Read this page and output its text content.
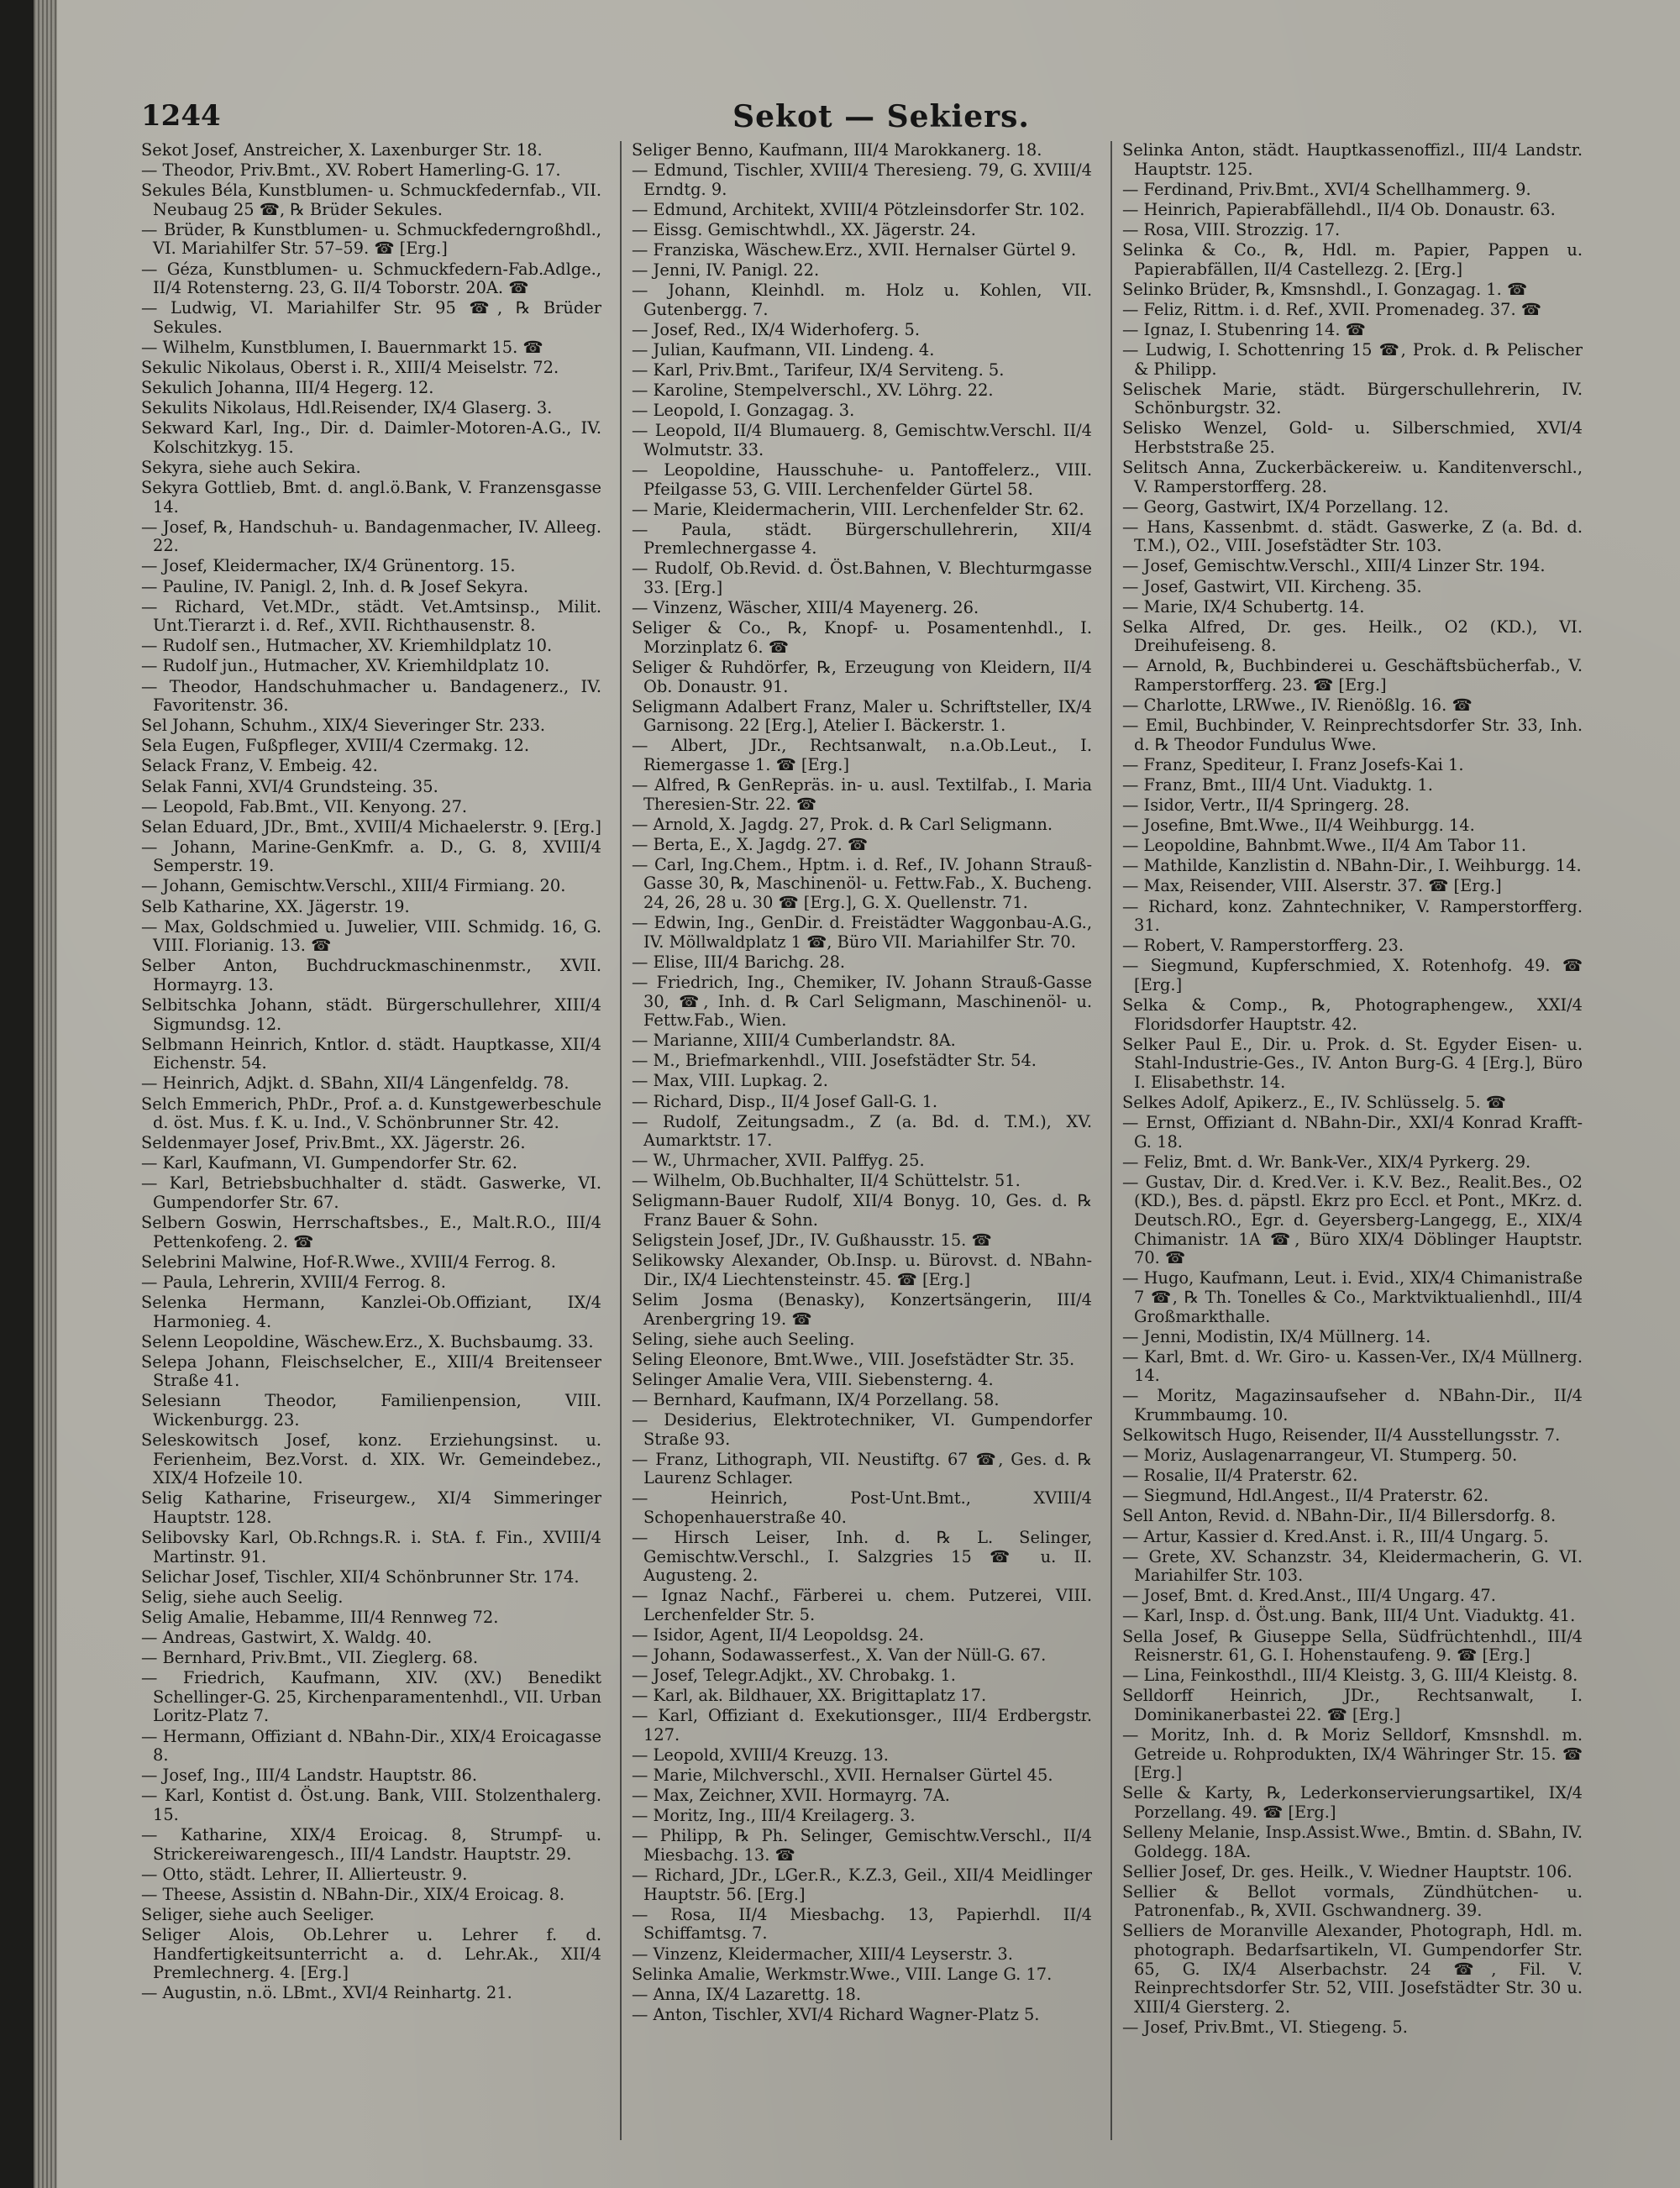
1244	Sekot — Sekiers.

Sekot Josef, Anstreicher, X. Laxenburger Str. 18.

— Theodor, Priv.Bmt., XV. Robert Hamerling-G. 17.

Sekules Béla, Kunstblumen- u. Schmuckfedernfab., VII. Neubaug 25 ☎, ℞ Brüder Sekules.

— Brüder, ℞ Kunstblumen- u. Schmuckfederngroßhdl., VI. Mariahilfer Str. 57–59. ☎ [Erg.]

— Géza, Kunstblumen- u. Schmuckfedern-Fab.Adlge., II/4 Rotensterng. 23, G. II/4 Toborstr. 20A. ☎

— Ludwig, VI. Mariahilfer Str. 95 ☎, ℞ Brüder Sekules.

— Wilhelm, Kunstblumen, I. Bauernmarkt 15. ☎

Sekulic Nikolaus, Oberst i. R., XIII/4 Meiselstr. 72.

Sekulich Johanna, III/4 Hegerg. 12.

Sekulits Nikolaus, Hdl.Reisender, IX/4 Glaserg. 3.

Sekward Karl, Ing., Dir. d. Daimler-Motoren-A.G., IV. Kolschitzkyg. 15.

Sekyra, siehe auch Sekira.

Sekyra Gottlieb, Bmt. d. angl.ö.Bank, V. Franzensgasse 14.

— Josef, ℞, Handschuh- u. Bandagenmacher, IV. Alleeg. 22.

— Josef, Kleidermacher, IX/4 Grünentorg. 15.

— Pauline, IV. Panigl. 2, Inh. d. ℞ Josef Sekyra.

— Richard, Vet.MDr., städt. Vet.Amtsinsp., Milit. Unt.Tierarzt i. d. Ref., XVII. Richthausenstr. 8.

— Rudolf sen., Hutmacher, XV. Kriemhildplatz 10.

— Rudolf jun., Hutmacher, XV. Kriemhildplatz 10.

— Theodor, Handschuhmacher u. Bandagenerz., IV. Favoritenstr. 36.

Sel Johann, Schuhm., XIX/4 Sieveringer Str. 233.

Sela Eugen, Fußpfleger, XVIII/4 Czermakg. 12.

Selack Franz, V. Embeig. 42.

Selak Fanni, XVI/4 Grundsteing. 35.

— Leopold, Fab.Bmt., VII. Kenyong. 27.

Selan Eduard, JDr., Bmt., XVIII/4 Michaelerstr. 9. [Erg.]

— Johann, Marine-GenKmfr. a. D., G. 8, XVIII/4 Semperstr. 19.

— Johann, Gemischtw.Verschl., XIII/4 Firmiang. 20.

Selb Katharine, XX. Jägerstr. 19.

— Max, Goldschmied u. Juwelier, VIII. Schmidg. 16, G. VIII. Florianig. 13. ☎

Selber Anton, Buchdruckmaschinenmstr., XVII. Hormayrg. 13.

Selbitschka Johann, städt. Bürgerschullehrer, XIII/4 Sigmundsg. 12.

Selbmann Heinrich, Kntlor. d. städt. Hauptkasse, XII/4 Eichenstr. 54.

— Heinrich, Adjkt. d. SBahn, XII/4 Längenfeldg. 78.

Selch Emmerich, PhDr., Prof. a. d. Kunstgewerbeschule d. öst. Mus. f. K. u. Ind., V. Schönbrunner Str. 42.

Seldenmayer Josef, Priv.Bmt., XX. Jägerstr. 26.

— Karl, Kaufmann, VI. Gumpendorfer Str. 62.

— Karl, Betriebsbuchhalter d. städt. Gaswerke, VI. Gumpendorfer Str. 67.

Selbern Goswin, Herrschaftsbes., E., Malt.R.O., III/4 Pettenkofeng. 2. ☎

Selebrini Malwine, Hof-R.Wwe., XVIII/4 Ferrog. 8.

— Paula, Lehrerin, XVIII/4 Ferrog. 8.

Selenka Hermann, Kanzlei-Ob.Offiziant, IX/4 Harmonieg. 4.

Selenn Leopoldine, Wäschew.Erz., X. Buchsbaumg. 33.

Selepa Johann, Fleischselcher, E., XIII/4 Breitenseer Straße 41.

Selesiann Theodor, Familienpension, VIII. Wickenburgg. 23.

Seleskowitsch Josef, konz. Erziehungsinst. u. Ferienheim, Bez.Vorst. d. XIX. Wr. Gemeindebez., XIX/4 Hofzeile 10.

Selig Katharine, Friseurgew., XI/4 Simmeringer Hauptstr. 128.

Selibovsky Karl, Ob.Rchngs.R. i. StA. f. Fin., XVIII/4 Martinstr. 91.

Selichar Josef, Tischler, XII/4 Schönbrunner Str. 174.

Selig, siehe auch Seelig.

Selig Amalie, Hebamme, III/4 Rennweg 72.

— Andreas, Gastwirt, X. Waldg. 40.

— Bernhard, Priv.Bmt., VII. Zieglerg. 68.

— Friedrich, Kaufmann, XIV. (XV.) Benedikt Schellinger-G. 25, Kirchenparamentenhdl., VII. Urban Loritz-Platz 7.

— Hermann, Offiziant d. NBahn-Dir., XIX/4 Eroicagasse 8.

— Josef, Ing., III/4 Landstr. Hauptstr. 86.

— Karl, Kontist d. Öst.ung. Bank, VIII. Stolzenthalerg. 15.

— Katharine, XIX/4 Eroicag. 8, Strumpf- u. Strickereiwarengesch., III/4 Landstr. Hauptstr. 29.

— Otto, städt. Lehrer, II. Allierteustr. 9.

— Theese, Assistin d. NBahn-Dir., XIX/4 Eroicag. 8.

Seliger, siehe auch Seeliger.

Seliger Alois, Ob.Lehrer u. Lehrer f. d. Handfertigkeitsunterricht a. d. Lehr.Ak., XII/4 Premlechnerg. 4. [Erg.]

— Augustin, n.ö. LBmt., XVI/4 Reinhartg. 21.

Seliger Benno, Kaufmann, III/4 Marokkanerg. 18.

— Edmund, Tischler, XVIII/4 Theresieng. 79, G. XVIII/4 Erndtg. 9.

— Edmund, Architekt, XVIII/4 Pötzleinsdorfer Str. 102.

— Eissg. Gemischtwhdl., XX. Jägerstr. 24.

— Franziska, Wäschew.Erz., XVII. Hernalser Gürtel 9.

— Jenni, IV. Panigl. 22.

— Johann, Kleinhdl. m. Holz u. Kohlen, VII. Gutenbergg. 7.

— Josef, Red., IX/4 Widerhoferg. 5.

— Julian, Kaufmann, VII. Lindeng. 4.

— Karl, Priv.Bmt., Tarifeur, IX/4 Serviteng. 5.

— Karoline, Stempelverschl., XV. Löhrg. 22.

— Leopold, I. Gonzagag. 3.

— Leopold, II/4 Blumauerg. 8, Gemischtw.Verschl. II/4 Wolmutstr. 33.

— Leopoldine, Hausschuhe- u. Pantoffelerz., VIII. Pfeilgasse 53, G. VIII. Lerchenfelder Gürtel 58.

— Marie, Kleidermacherin, VIII. Lerchenfelder Str. 62.

— Paula, städt. Bürgerschullehrerin, XII/4 Premlechnergasse 4.

— Rudolf, Ob.Revid. d. Öst.Bahnen, V. Blechturmgasse 33. [Erg.]

— Vinzenz, Wäscher, XIII/4 Mayenerg. 26.

Seliger & Co., ℞, Knopf- u. Posamentenhdl., I. Morzinplatz 6. ☎

Seliger & Ruhdörfer, ℞, Erzeugung von Kleidern, II/4 Ob. Donaustr. 91.

Seligmann Adalbert Franz, Maler u. Schriftsteller, IX/4 Garnisong. 22 [Erg.], Atelier I. Bäckerstr. 1.

— Albert, JDr., Rechtsanwalt, n.a.Ob.Leut., I. Riemergasse 1. ☎ [Erg.]

— Alfred, ℞ GenRepräs. in- u. ausl. Textilfab., I. Maria Theresien-Str. 22. ☎

— Arnold, X. Jagdg. 27, Prok. d. ℞ Carl Seligmann.

— Berta, E., X. Jagdg. 27. ☎

— Carl, Ing.Chem., Hptm. i. d. Ref., IV. Johann Strauß-Gasse 30, ℞, Maschinenöl- u. Fettw.Fab., X. Bucheng. 24, 26, 28 u. 30 ☎ [Erg.], G. X. Quellenstr. 71.

— Edwin, Ing., GenDir. d. Freistädter Waggonbau-A.G., IV. Möllwaldplatz 1 ☎, Büro VII. Mariahilfer Str. 70.

— Elise, III/4 Barichg. 28.

— Friedrich, Ing., Chemiker, IV. Johann Strauß-Gasse 30, ☎, Inh. d. ℞ Carl Seligmann, Maschinenöl- u. Fettw.Fab., Wien.

— Marianne, XIII/4 Cumberlandstr. 8A.

— M., Briefmarkenhdl., VIII. Josefstädter Str. 54.

— Max, VIII. Lupkag. 2.

— Richard, Disp., II/4 Josef Gall-G. 1.

— Rudolf, Zeitungsadm., Z (a. Bd. d. T.M.), XV. Aumarktstr. 17.

— W., Uhrmacher, XVII. Palffyg. 25.

— Wilhelm, Ob.Buchhalter, II/4 Schüttelstr. 51.

Seligmann-Bauer Rudolf, XII/4 Bonyg. 10, Ges. d. ℞ Franz Bauer & Sohn.

Seligstein Josef, JDr., IV. Gußhausstr. 15. ☎

Selikowsky Alexander, Ob.Insp. u. Bürovst. d. NBahn-Dir., IX/4 Liechtensteinstr. 45. ☎ [Erg.]

Selim Josma (Benasky), Konzertsängerin, III/4 Arenbergring 19. ☎

Seling, siehe auch Seeling.

Seling Eleonore, Bmt.Wwe., VIII. Josefstädter Str. 35.

Selinger Amalie Vera, VIII. Siebensterng. 4.

— Bernhard, Kaufmann, IX/4 Porzellang. 58.

— Desiderius, Elektrotechniker, VI. Gumpendorfer Straße 93.

— Franz, Lithograph, VII. Neustiftg. 67 ☎, Ges. d. ℞ Laurenz Schlager.

— Heinrich, Post-Unt.Bmt., XVIII/4 Schopenhauerstraße 40.

— Hirsch Leiser, Inh. d. ℞ L. Selinger, Gemischtw.Verschl., I. Salzgries 15 ☎ u. II. Augusteng. 2.

— Ignaz Nachf., Färberei u. chem. Putzerei, VIII. Lerchenfelder Str. 5.

— Isidor, Agent, II/4 Leopoldsg. 24.

— Johann, Sodawasserfest., X. Van der Nüll-G. 67.

— Josef, Telegr.Adjkt., XV. Chrobakg. 1.

— Karl, ak. Bildhauer, XX. Brigittaplatz 17.

— Karl, Offiziant d. Exekutionsger., III/4 Erdbergstr. 127.

— Leopold, XVIII/4 Kreuzg. 13.

— Marie, Milchverschl., XVII. Hernalser Gürtel 45.

— Max, Zeichner, XVII. Hormayrg. 7A.

— Moritz, Ing., III/4 Kreilagerg. 3.

— Philipp, ℞ Ph. Selinger, Gemischtw.Verschl., II/4 Miesbachg. 13. ☎

— Richard, JDr., LGer.R., K.Z.3, Geil., XII/4 Meidlinger Hauptstr. 56. [Erg.]

— Rosa, II/4 Miesbachg. 13, Papierhdl. II/4 Schiffamtsg. 7.

— Vinzenz, Kleidermacher, XIII/4 Leyserstr. 3.

Selinka Amalie, Werkmstr.Wwe., VIII. Lange G. 17.

— Anna, IX/4 Lazarettg. 18.

— Anton, Tischler, XVI/4 Richard Wagner-Platz 5.

Selinka Anton, städt. Hauptkassenoffizl., III/4 Landstr. Hauptstr. 125.

— Ferdinand, Priv.Bmt., XVI/4 Schellhammerg. 9.

— Heinrich, Papierabfällehdl., II/4 Ob. Donaustr. 63.

— Rosa, VIII. Strozzig. 17.

Selinka & Co., ℞, Hdl. m. Papier, Pappen u. Papierabfällen, II/4 Castellezg. 2. [Erg.]

Selinko Brüder, ℞, Kmsnshdl., I. Gonzagag. 1. ☎

— Feliz, Rittm. i. d. Ref., XVII. Promenadeg. 37. ☎

— Ignaz, I. Stubenring 14. ☎

— Ludwig, I. Schottenring 15 ☎, Prok. d. ℞ Pelischer & Philipp.

Selischek Marie, städt. Bürgerschullehrerin, IV. Schönburgstr. 32.

Selisko Wenzel, Gold- u. Silberschmied, XVI/4 Herbststraße 25.

Selitsch Anna, Zuckerbäckereiw. u. Kanditenverschl., V. Ramperstorfferg. 28.

— Georg, Gastwirt, IX/4 Porzellang. 12.

— Hans, Kassenbmt. d. städt. Gaswerke, Z (a. Bd. d. T.M.), O2., VIII. Josefstädter Str. 103.

— Josef, Gemischtw.Verschl., XIII/4 Linzer Str. 194.

— Josef, Gastwirt, VII. Kircheng. 35.

— Marie, IX/4 Schubertg. 14.

Selka Alfred, Dr. ges. Heilk., O2 (KD.), VI. Dreihufeiseng. 8.

— Arnold, ℞, Buchbinderei u. Geschäftsbücherfab., V. Ramperstorfferg. 23. ☎ [Erg.]

— Charlotte, LRWwe., IV. Rienößlg. 16. ☎

— Emil, Buchbinder, V. Reinprechtsdorfer Str. 33, Inh. d. ℞ Theodor Fundulus Wwe.

— Franz, Spediteur, I. Franz Josefs-Kai 1.

— Franz, Bmt., III/4 Unt. Viaduktg. 1.

— Isidor, Vertr., II/4 Springerg. 28.

— Josefine, Bmt.Wwe., II/4 Weihburgg. 14.

— Leopoldine, Bahnbmt.Wwe., II/4 Am Tabor 11.

— Mathilde, Kanzlistin d. NBahn-Dir., I. Weihburgg. 14.

— Max, Reisender, VIII. Alserstr. 37. ☎ [Erg.]

— Richard, konz. Zahntechniker, V. Ramperstorfferg. 31.

— Robert, V. Ramperstorfferg. 23.

— Siegmund, Kupferschmied, X. Rotenhofg. 49. ☎ [Erg.]

Selka & Comp., ℞, Photographengew., XXI/4 Floridsdorfer Hauptstr. 42.

Selker Paul E., Dir. u. Prok. d. St. Egyder Eisen- u. Stahl-Industrie-Ges., IV. Anton Burg-G. 4 [Erg.], Büro I. Elisabethstr. 14.

Selkes Adolf, Apikerz., E., IV. Schlüsselg. 5. ☎

— Ernst, Offiziant d. NBahn-Dir., XXI/4 Konrad Krafft-G. 18.

— Feliz, Bmt. d. Wr. Bank-Ver., XIX/4 Pyrkerg. 29.

— Gustav, Dir. d. Kred.Ver. i. K.V. Bez., Realit.Bes., O2 (KD.), Bes. d. päpstl. Ekrz pro Eccl. et Pont., MKrz. d. Deutsch.RO., Egr. d. Geyersberg-Langegg, E., XIX/4 Chimanistr. 1A ☎, Büro XIX/4 Döblinger Hauptstr. 70. ☎

— Hugo, Kaufmann, Leut. i. Evid., XIX/4 Chimanistraße 7 ☎, ℞ Th. Tonelles & Co., Marktviktualienhdl., III/4 Großmarkthalle.

— Jenni, Modistin, IX/4 Müllnerg. 14.

— Karl, Bmt. d. Wr. Giro- u. Kassen-Ver., IX/4 Müllnerg. 14.

— Moritz, Magazinsaufseher d. NBahn-Dir., II/4 Krummbaumg. 10.

Selkowitsch Hugo, Reisender, II/4 Ausstellungsstr. 7.

— Moriz, Auslagenarrangeur, VI. Stumperg. 50.

— Rosalie, II/4 Praterstr. 62.

— Siegmund, Hdl.Angest., II/4 Praterstr. 62.

Sell Anton, Revid. d. NBahn-Dir., II/4 Billersdorfg. 8.

— Artur, Kassier d. Kred.Anst. i. R., III/4 Ungarg. 5.

— Grete, XV. Schanzstr. 34, Kleidermacherin, G. VI. Mariahilfer Str. 103.

— Josef, Bmt. d. Kred.Anst., III/4 Ungarg. 47.

— Karl, Insp. d. Öst.ung. Bank, III/4 Unt. Viaduktg. 41.

Sella Josef, ℞ Giuseppe Sella, Südfrüchtenhdl., III/4 Reisnerstr. 61, G. I. Hohenstaufeng. 9. ☎ [Erg.]

— Lina, Feinkosthdl., III/4 Kleistg. 3, G. III/4 Kleistg. 8.

Selldorff Heinrich, JDr., Rechtsanwalt, I. Dominikanerbastei 22. ☎ [Erg.]

— Moritz, Inh. d. ℞ Moriz Selldorf, Kmsnshdl. m. Getreide u. Rohprodukten, IX/4 Währinger Str. 15. ☎ [Erg.]

Selle & Karty, ℞, Lederkonservierungsartikel, IX/4 Porzellang. 49. ☎ [Erg.]

Selleny Melanie, Insp.Assist.Wwe., Bmtin. d. SBahn, IV. Goldegg. 18A.

Sellier Josef, Dr. ges. Heilk., V. Wiedner Hauptstr. 106.

Sellier & Bellot vormals, Zündhütchen- u. Patronenfab., ℞, XVII. Gschwandnerg. 39.

Selliers de Moranville Alexander, Photograph, Hdl. m. photograph. Bedarfsartikeln, VI. Gumpendorfer Str. 65, G. IX/4 Alserbachstr. 24 ☎, Fil. V. Reinprechtsdorfer Str. 52, VIII. Josefstädter Str. 30 u. XIII/4 Giersterg. 2.

— Josef, Priv.Bmt., VI. Stiegeng. 5.
